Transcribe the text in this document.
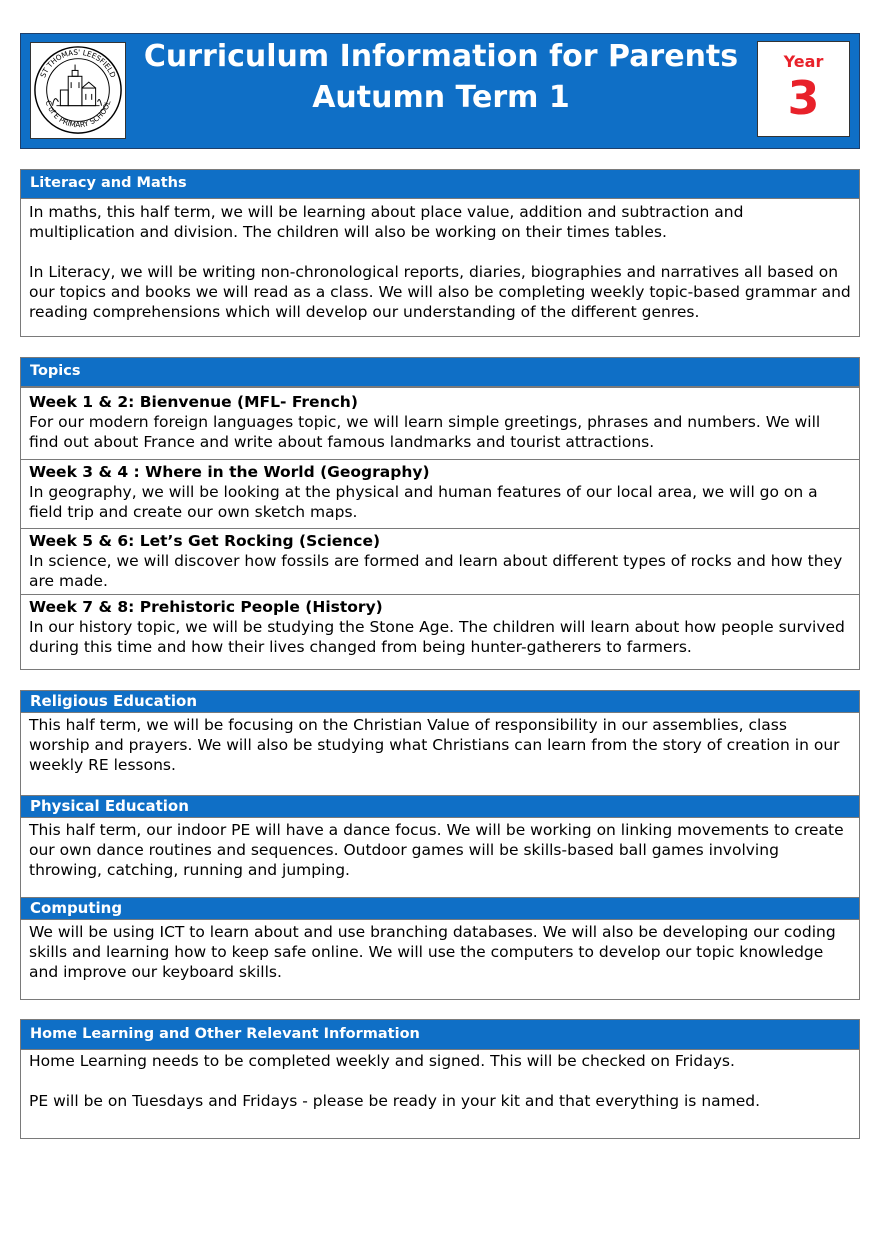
ST THOMAS' LEESFIELD
C of E PRIMARY SCHOOL
Curriculum Information for Parents
Autumn Term 1
Year
3
Literacy and Maths

In maths, this half term, we will be learning about place value, addition and subtraction and multiplication and division. The children will also be working on their times tables.

In Literacy, we will be writing non-chronological reports, diaries, biographies and narratives all based on our topics and books we will read as a class. We will also be completing weekly topic-based grammar and reading comprehensions which will develop our understanding of the different genres.

Topics
Week 1 & 2: Bienvenue (MFL- French)
For our modern foreign languages topic, we will learn simple greetings, phrases and numbers. We will find out about France and write about famous landmarks and tourist attractions.
Week 3 & 4 : Where in the World (Geography)
In geography, we will be looking at the physical and human features of our local area, we will go on a field trip and create our own sketch maps.
Week 5 & 6: Let’s Get Rocking (Science)
In science, we will discover how fossils are formed and learn about different types of rocks and how they are made.
Week 7 & 8: Prehistoric People (History)
In our history topic, we will be studying the Stone Age. The children will learn about how people survived during this time and how their lives changed from being hunter-gatherers to farmers.
Religious Education
This half term, we will be focusing on the Christian Value of responsibility in our assemblies, class worship and prayers. We will also be studying what Christians can learn from the story of creation in our weekly RE lessons.
Physical Education
This half term, our indoor PE will have a dance focus. We will be working on linking movements to create our own dance routines and sequences. Outdoor games will be skills-based ball games involving throwing, catching, running and jumping.
Computing
We will be using ICT to learn about and use branching databases. We will also be developing our coding skills and learning how to keep safe online. We will use the computers to develop our topic knowledge and improve our keyboard skills.
Home Learning and Other Relevant Information

Home Learning needs to be completed weekly and signed. This will be checked on Fridays.

PE will be on Tuesdays and Fridays - please be ready in your kit and that everything is named.
